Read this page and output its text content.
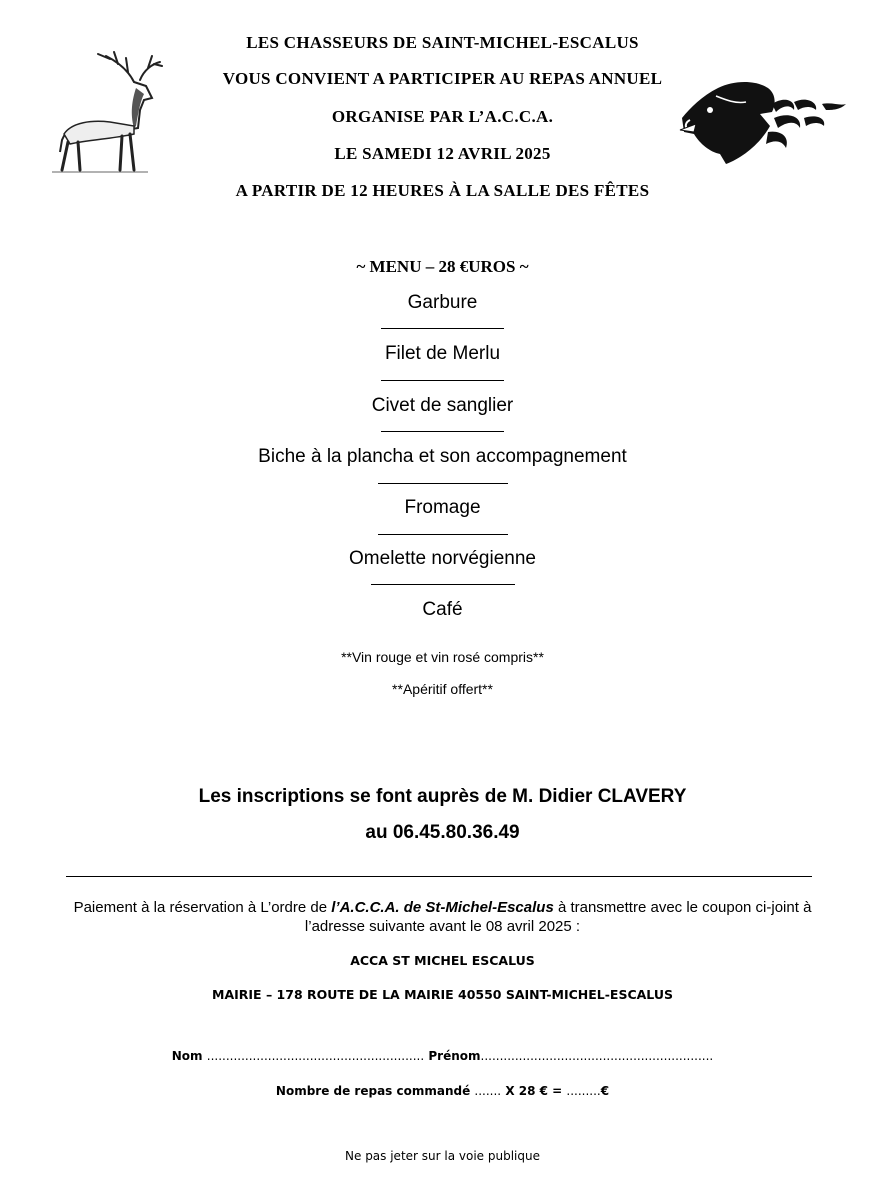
LES CHASSEURS DE SAINT-MICHEL-ESCALUS
VOUS CONVIENT A PARTICIPER AU REPAS ANNUEL
ORGANISE PAR L’A.C.C.A.
LE SAMEDI 12 AVRIL 2025
A PARTIR DE 12 HEURES À LA SALLE DES FÊTES
~ MENU – 28 €UROS ~
Garbure
Filet de Merlu
Civet de sanglier
Biche à la plancha et son accompagnement
Fromage
Omelette norvégienne
Café
**Vin rouge et vin rosé compris**
**Apéritif offert**
Les inscriptions se font auprès de M. Didier CLAVERY
au 06.45.80.36.49
Paiement à la réservation à L’ordre de l’A.C.C.A. de St-Michel-Escalus à transmettre avec le coupon ci-joint à l’adresse suivante avant le 08 avril 2025 :
ACCA ST MICHEL ESCALUS
MAIRIE – 178 ROUTE DE LA MAIRIE 40550 SAINT-MICHEL-ESCALUS
Nom ......................................................... Prénom.............................................................
Nombre de repas commandé ....... X 28 € = .........€
Ne pas jeter sur la voie publique
